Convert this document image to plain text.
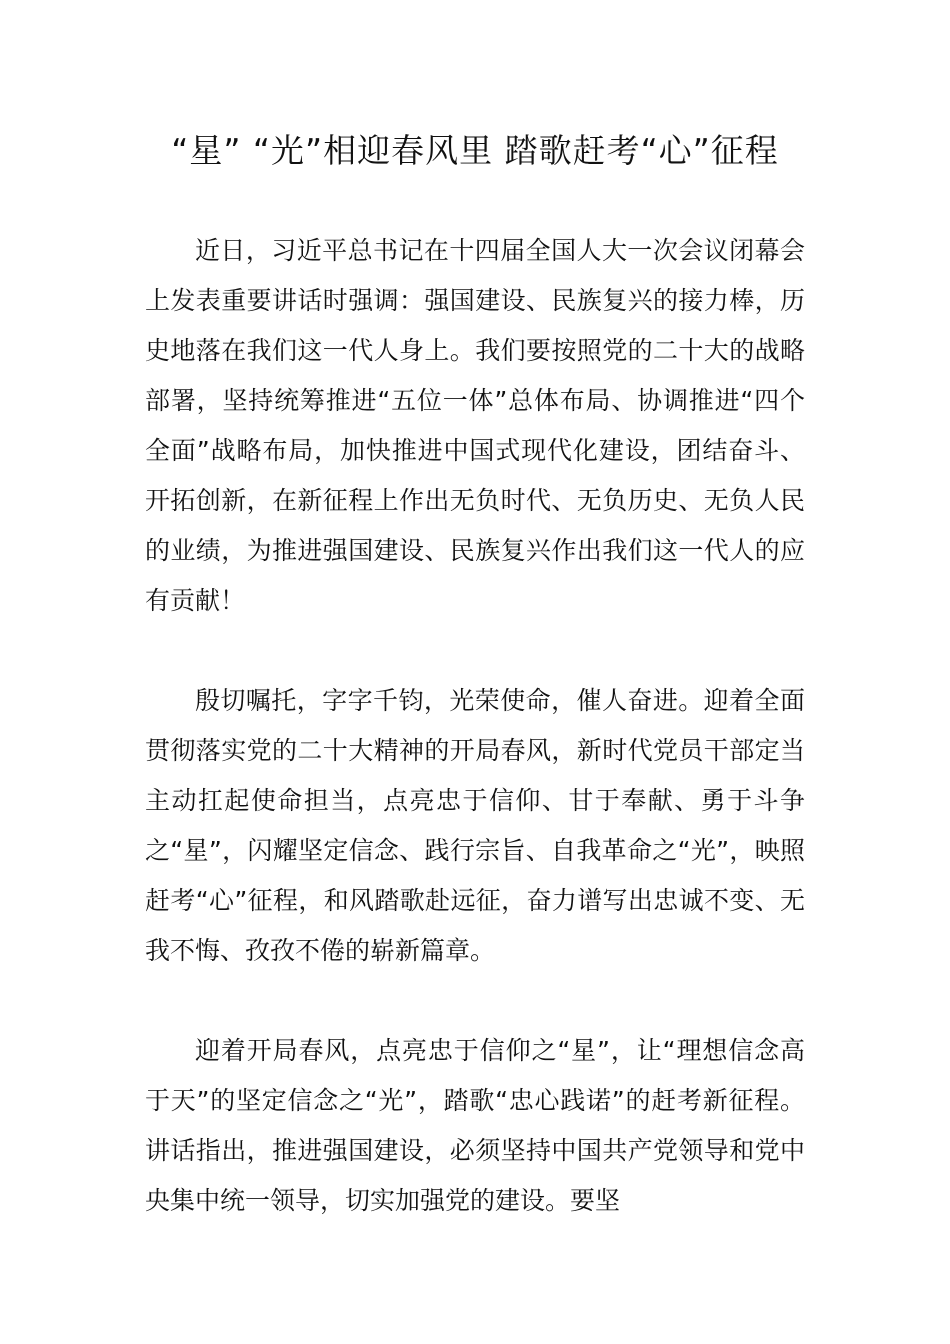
“星” “光”相迎春风里 踏歌赶考“心”征程

近日，习近平总书记在十四届全国人大一次会议闭幕会上发表重要讲话时强调：强国建设、民族复兴的接力棒，历史地落在我们这一代人身上。我们要按照党的二十大的战略部署，坚持统筹推进“五位一体”总体布局、协调推进“四个全面”战略布局，加快推进中国式现代化建设，团结奋斗、开拓创新，在新征程上作出无负时代、无负历史、无负人民的业绩，为推进强国建设、民族复兴作出我们这一代人的应有贡献！

殷切嘱托，字字千钧，光荣使命，催人奋进。迎着全面贯彻落实党的二十大精神的开局春风，新时代党员干部定当主动扛起使命担当，点亮忠于信仰、甘于奉献、勇于斗争之“星”，闪耀坚定信念、践行宗旨、自我革命之“光”，映照赶考“心”征程，和风踏歌赴远征，奋力谱写出忠诚不变、无我不悔、孜孜不倦的崭新篇章。

迎着开局春风，点亮忠于信仰之“星”，让“理想信念高于天”的坚定信念之“光”，踏歌“忠心践诺”的赶考新征程。讲话指出，推进强国建设，必须坚持中国共产党领导和党中央集中统一领导，切实加强党的建设。要坚
